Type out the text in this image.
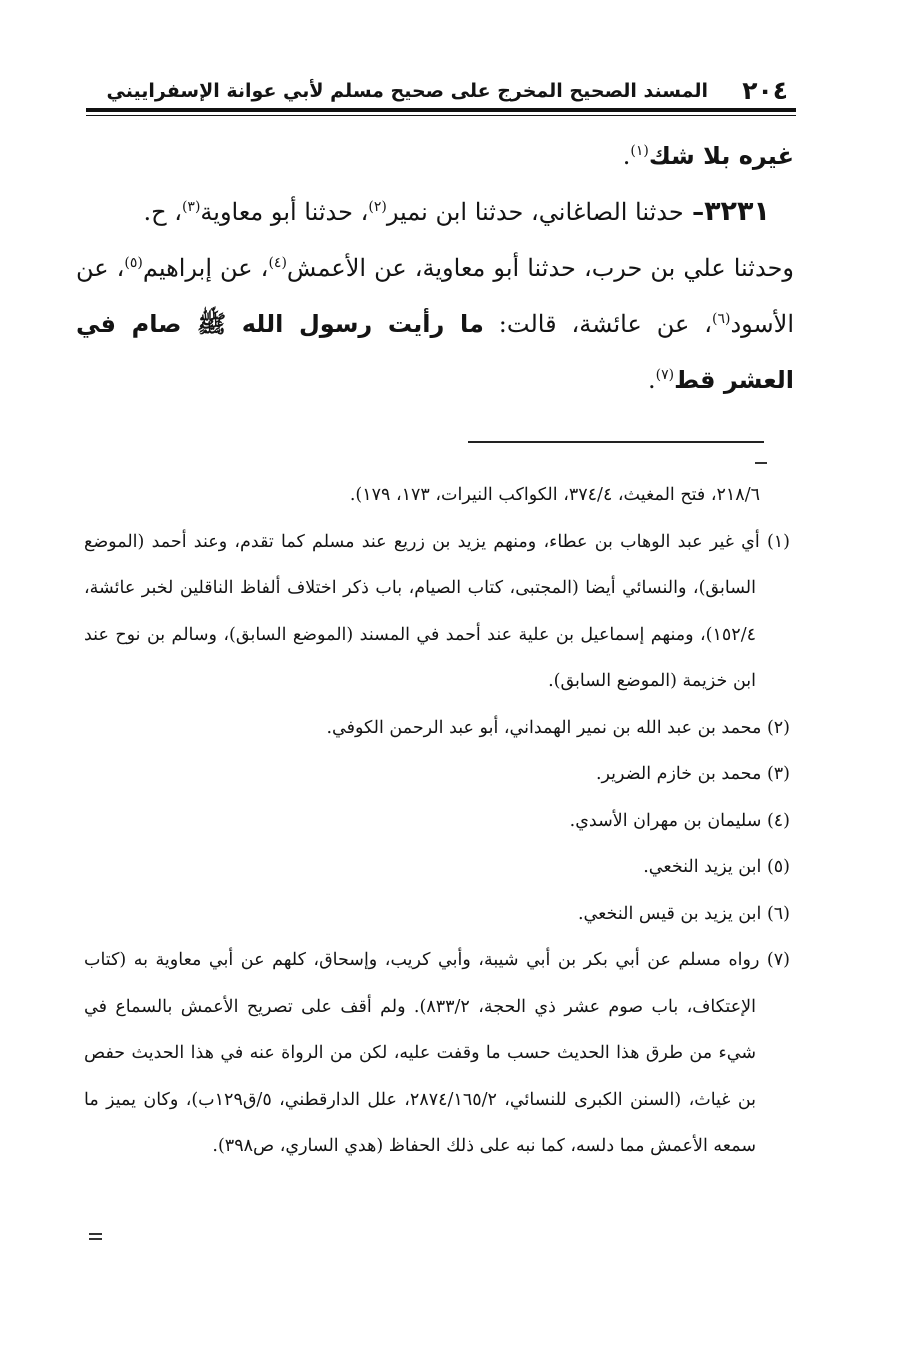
٢٠٤
المسند الصحيح المخرج على صحيح مسلم لأبي عوانة الإسفراييني

غيره بلا شك$^{(١)}$.

٣٢٣١– حدثنا الصاغاني، حدثنا ابن نمير$^{(٢)}$، حدثنا أبو معاوية$^{(٣)}$، ح.

وحدثنا علي بن حرب، حدثنا أبو معاوية، عن الأعمش$^{(٤)}$، عن إبراهيم$^{(٥)}$، عن الأسود$^{(٦)}$، عن عائشة، قالت: ما رأيت رسول الله ﷺ صام في العشر قط$^{(٧)}$.

٢١٨/٦، فتح المغيث، ٣٧٤/٤، الكواكب النيرات، ١٧٣، ١٧٩).

(١) أي غير عبد الوهاب بن عطاء، ومنهم يزيد بن زريع عند مسلم كما تقدم، وعند أحمد (الموضع السابق)، والنسائي أيضا (المجتبى، كتاب الصيام، باب ذكر اختلاف ألفاظ الناقلين لخبر عائشة، ١٥٢/٤)، ومنهم إسماعيل بن علية عند أحمد في المسند (الموضع السابق)، وسالم بن نوح عند ابن خزيمة (الموضع السابق).

(٢) محمد بن عبد الله بن نمير الهمداني، أبو عبد الرحمن الكوفي.

(٣) محمد بن خازم الضرير.

(٤) سليمان بن مهران الأسدي.

(٥) ابن يزيد النخعي.

(٦) ابن يزيد بن قيس النخعي.

(٧) رواه مسلم عن أبي بكر بن أبي شيبة، وأبي كريب، وإسحاق، كلهم عن أبي معاوية به (كتاب الإعتكاف، باب صوم عشر ذي الحجة، ٨٣٣/٢). ولم أقف على تصريح الأعمش بالسماع في شيء من طرق هذا الحديث حسب ما وقفت عليه، لكن من الرواة عنه في هذا الحديث حفص بن غياث، (السنن الكبرى للنسائي، ٢٨٧٤/١٦٥/٢، علل الدارقطني، ٥/ق١٢٩ب)، وكان يميز ما سمعه الأعمش مما دلسه، كما نبه على ذلك الحفاظ (هدي الساري، ص٣٩٨).
